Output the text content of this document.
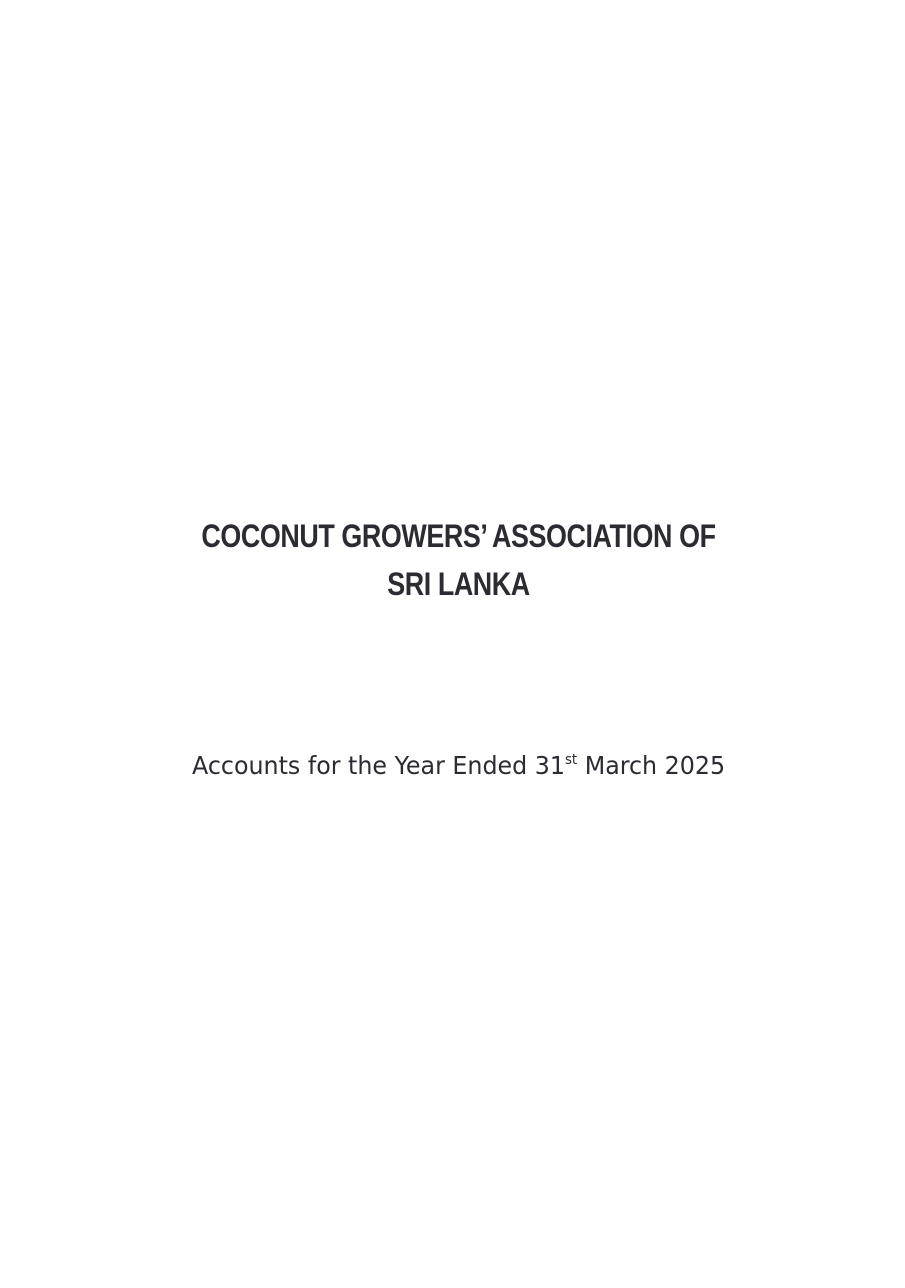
COCONUT GROWERS’ ASSOCIATION OF
SRI LANKA
Accounts for the Year Ended 31st March 2025
